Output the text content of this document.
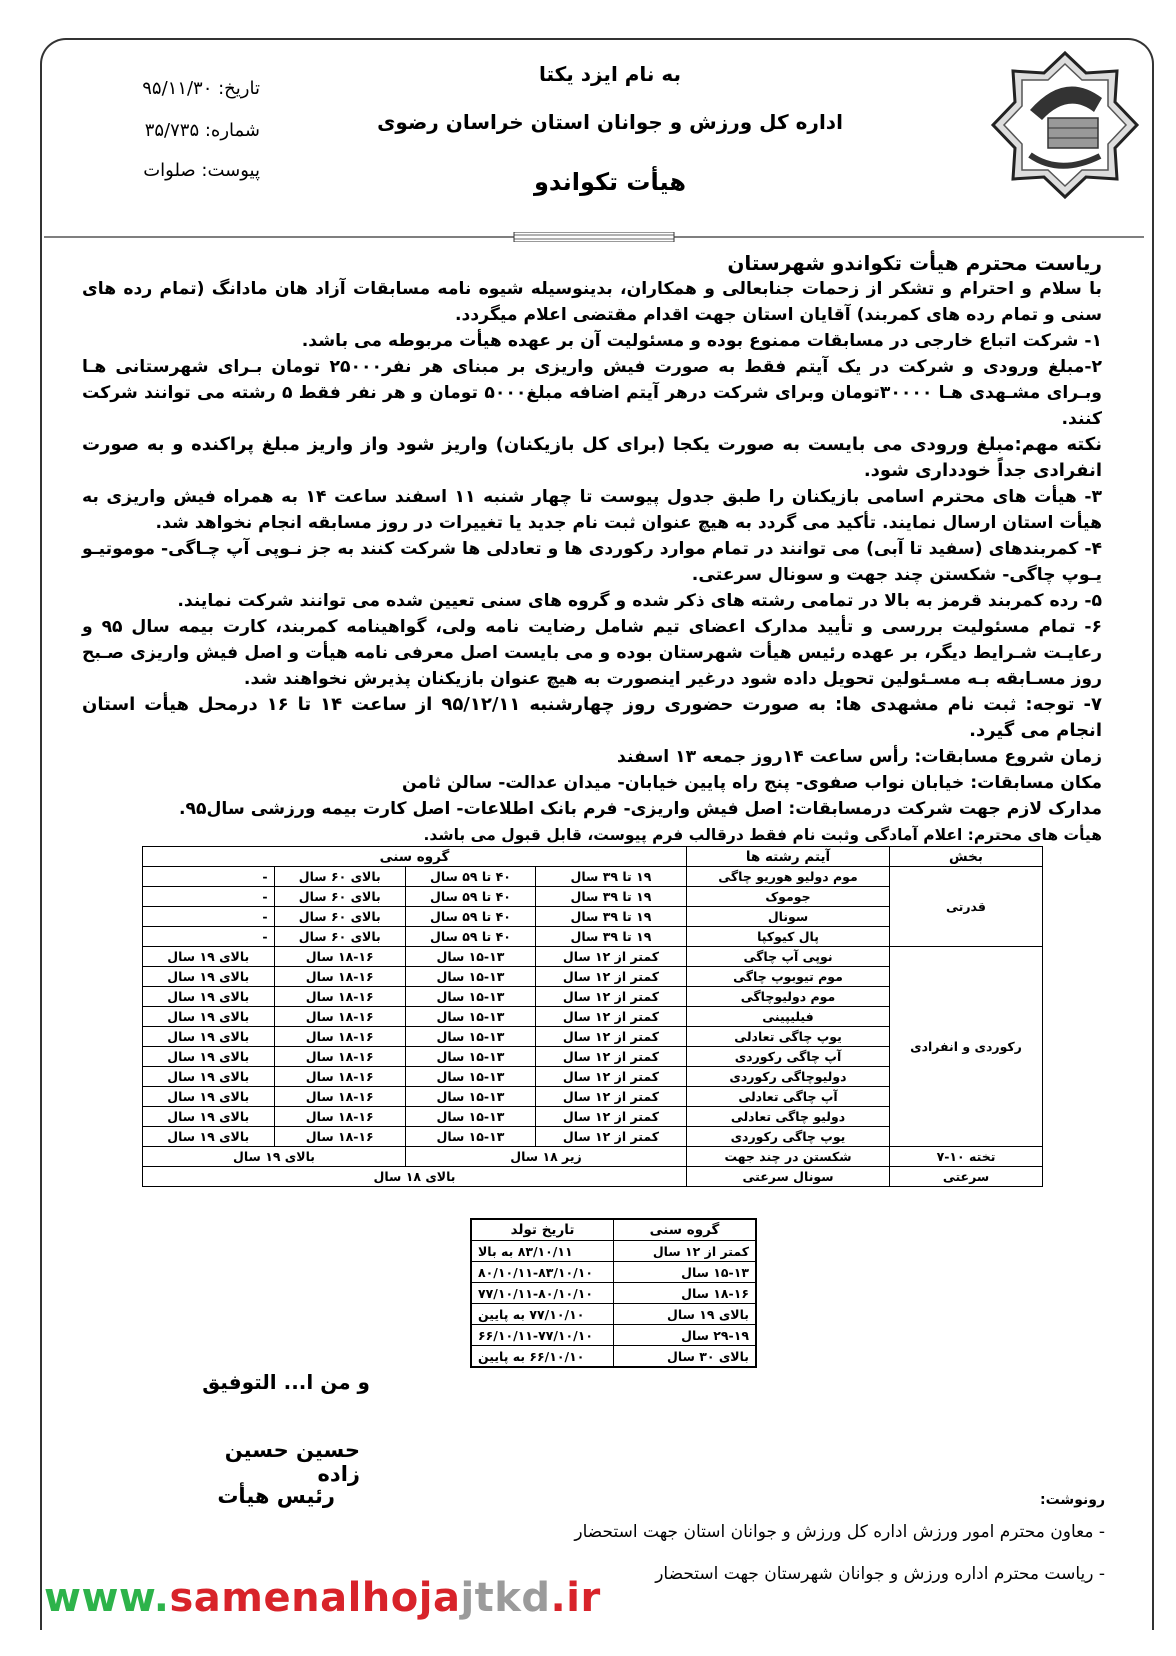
به نام ایزد یکتا
اداره کل ورزش و جوانان استان خراسان رضوی
هیأت تکواندو
تاریخ: ۹۵/۱۱/۳۰
شماره: ۳۵/۷۳۵
پیوست: صلوات

ریاست محترم هیأت تکواندو شهرستان

با سلام و احترام و تشکر از زحمات جنابعالی و همکاران، بدینوسیله شیوه نامه مسابقات آزاد هان مادانگ (تمام رده های سنی و تمام رده های کمربند) آقایان استان جهت اقدام مقتضی اعلام میگردد.

۱- شرکت اتباع خارجی در مسابقات ممنوع بوده و مسئولیت آن بر عهده هیأت مربوطه می باشد.

۲-مبلغ ورودی و شرکت در یک آیتم فقط به صورت فیش واریزی بر مبنای هر نفر۲۵۰۰۰ تومان بـرای شهرستانی هـا وبـرای مشـهدی هـا ۳۰۰۰۰تومان وبرای شرکت درهر آیتم اضافه مبلغ۵۰۰۰ تومان و هر نفر فقط ۵ رشته می توانند شرکت کنند.

نکته مهم:مبلغ ورودی می بایست به صورت یکجا (برای کل بازیکنان) واریز شود واز واریز مبلغ پراکنده و به صورت انفرادی جداً خودداری شود.

۳- هیأت های محترم اسامی بازیکنان را طبق جدول پیوست تا چهار شنبه ۱۱ اسفند ساعت ۱۴ به همراه فیش واریزی به هیأت استان ارسال نمایند. تأکید می گردد به هیچ عنوان ثبت نام جدید یا تغییرات در روز مسابقه انجام نخواهد شد.

۴- کمربندهای (سفید تا آبی) می توانند در تمام موارد رکوردی ها و تعادلی ها شرکت کنند به جز نـوپی آپ چـاگی- موموتیـو یـوپ چاگی- شکستن چند جهت و سونال سرعتی.

۵- رده کمربند قرمز به بالا در تمامی رشته های ذکر شده و گروه های سنی تعیین شده می توانند شرکت نمایند.

۶- تمام مسئولیت بررسی و تأیید مدارک اعضای تیم شامل رضایت نامه ولی، گواهینامه کمربند، کارت بیمه سال ۹۵ و رعایـت شـرایط دیگر، بر عهده رئیس هیأت شهرستان بوده و می بایست اصل معرفی نامه هیأت و اصل فیش واریزی صـبح روز مسـابقه بـه مسـئولین تحویل داده شود درغیر اینصورت به هیچ عنوان بازیکنان پذیرش نخواهند شد.

۷- توجه: ثبت نام مشهدی ها: به صورت حضوری روز چهارشنبه ۹۵/۱۲/۱۱ از ساعت ۱۴ تا ۱۶ درمحل هیأت استان انجام می گیرد.

زمان شروع مسابقات: رأس ساعت ۱۴روز جمعه ۱۳ اسفند

مکان مسابقات: خیابان نواب صفوی- پنج راه پایین خیابان- میدان عدالت- سالن ثامن

مدارک لازم جهت شرکت درمسابقات: اصل فیش واریزی- فرم بانک اطلاعات- اصل کارت بیمه ورزشی سال۹۵.

هیأت های محترم: اعلام آمادگی وثبت نام فقط درقالب فرم پیوست، قابل قبول می باشد.

بخش	آیتم رشته ها	گروه سنی			
قدرتی	موم دولیو هوریو چاگی	۱۹ تا ۳۹ سال	۴۰ تا ۵۹ سال	بالای ۶۰ سال	-
	جوموک	۱۹ تا ۳۹ سال	۴۰ تا ۵۹ سال	بالای ۶۰ سال	-
	سونال	۱۹ تا ۳۹ سال	۴۰ تا ۵۹ سال	بالای ۶۰ سال	-
	پال کیوکپا	۱۹ تا ۳۹ سال	۴۰ تا ۵۹ سال	بالای ۶۰ سال	-
رکوردی و انفرادی	نوپی آپ چاگی	کمتر از ۱۲ سال	۱۵-۱۳ سال	۱۸-۱۶ سال	بالای ۱۹ سال
	موم تیوبوپ چاگی	کمتر از ۱۲ سال	۱۵-۱۳ سال	۱۸-۱۶ سال	بالای ۱۹ سال
	موم دولیوچاگی	کمتر از ۱۲ سال	۱۵-۱۳ سال	۱۸-۱۶ سال	بالای ۱۹ سال
	فیلیپینی	کمتر از ۱۲ سال	۱۵-۱۳ سال	۱۸-۱۶ سال	بالای ۱۹ سال
	یوپ چاگی تعادلی	کمتر از ۱۲ سال	۱۵-۱۳ سال	۱۸-۱۶ سال	بالای ۱۹ سال
	آپ چاگی رکوردی	کمتر از ۱۲ سال	۱۵-۱۳ سال	۱۸-۱۶ سال	بالای ۱۹ سال
	دولیوچاگی رکوردی	کمتر از ۱۲ سال	۱۵-۱۳ سال	۱۸-۱۶ سال	بالای ۱۹ سال
	آپ چاگی تعادلی	کمتر از ۱۲ سال	۱۵-۱۳ سال	۱۸-۱۶ سال	بالای ۱۹ سال
	دولیو چاگی تعادلی	کمتر از ۱۲ سال	۱۵-۱۳ سال	۱۸-۱۶ سال	بالای ۱۹ سال
	یوپ چاگی رکوردی	کمتر از ۱۲ سال	۱۵-۱۳ سال	۱۸-۱۶ سال	بالای ۱۹ سال
تخته ۱۰-۷	شکستن در چند جهت	زیر ۱۸ سال		بالای ۱۹ سال	
سرعتی	سونال سرعتی	بالای ۱۸ سال			
گروه سنی	تاریخ تولد
کمتر از ۱۲ سال	۸۳/۱۰/۱۱ به بالا
۱۵-۱۳ سال	۸۰/۱۰/۱۱-۸۳/۱۰/۱۰
۱۸-۱۶ سال	۷۷/۱۰/۱۱-۸۰/۱۰/۱۰
بالای ۱۹ سال	۷۷/۱۰/۱۰ به پایین
۲۹-۱۹ سال	۶۶/۱۰/۱۱-۷۷/۱۰/۱۰
بالای ۳۰ سال	۶۶/۱۰/۱۰ به پایین
و من ا... التوفیق
حسین حسین زاده
رئیس هیأت	رونوشت:
- معاون محترم امور ورزش اداره کل ورزش و جوانان استان جهت استحضار
- ریاست محترم اداره ورزش و جوانان شهرستان جهت استحضار
www.samenalhojajtkd.ir
